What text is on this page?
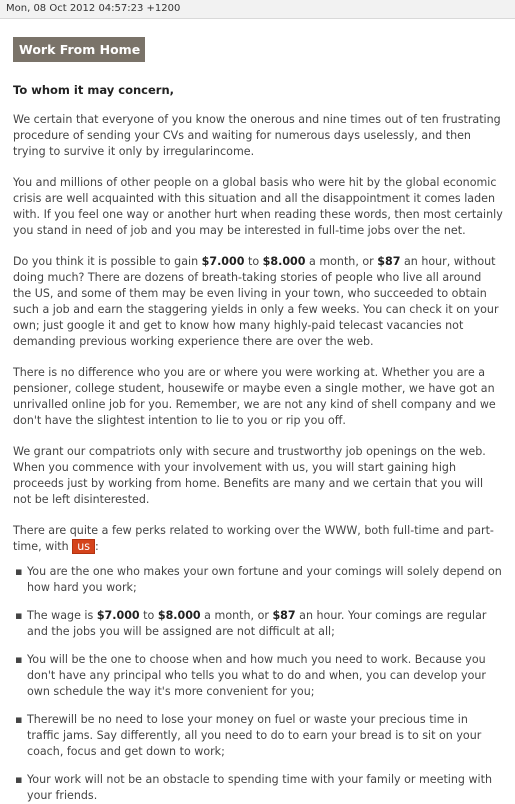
Mon, 08 Oct 2012 04:57:23 +1200
Work From Home
To whom it may concern,

We certain that everyone of you know the onerous and nine times out of ten frustrating procedure of sending your CVs and waiting for numerous days uselessly, and then trying to survive it only by irregularincome.

You and millions of other people on a global basis who were hit by the global economic crisis are well acquainted with this situation and all the disappointment it comes laden with. If you feel one way or another hurt when reading these words, then most certainly you stand in need of job and you may be interested in full-time jobs over the net.

Do you think it is possible to gain $7.000 to $8.000 a month, or $87 an hour, without doing much? There are dozens of breath-taking stories of people who live all around the US, and some of them may be even living in your town, who succeeded to obtain such a job and earn the staggering yields in only a few weeks. You can check it on your own; just google it and get to know how many highly-paid telecast vacancies not demanding previous working experience there are over the web.

There is no difference who you are or where you were working at. Whether you are a pensioner, college student, housewife or maybe even a single mother, we have got an unrivalled online job for you. Remember, we are not any kind of shell company and we don't have the slightest intention to lie to you or rip you off.

We grant our compatriots only with secure and trustworthy job openings on the web. When you commence with your involvement with us, you will start gaining high proceeds just by working from home. Benefits are many and we certain that you will not be left disinterested.

There are quite a few perks related to working over the WWW, both full-time and part-time, with us :

▪ You are the one who makes your own fortune and your comings will solely depend on how hard you work;
▪ The wage is $7.000 to $8.000 a month, or $87 an hour. Your comings are regular and the jobs you will be assigned are not difficult at all;
▪ You will be the one to choose when and how much you need to work. Because you don't have any principal who tells you what to do and when, you can develop your own schedule the way it's more convenient for you;
▪ Therewill be no need to lose your money on fuel or waste your precious time in traffic jams. Say differently, all you need to do to earn your bread is to sit on your coach, focus and get down to work;
▪ Your work will not be an obstacle to spending time with your family or meeting with your friends.
